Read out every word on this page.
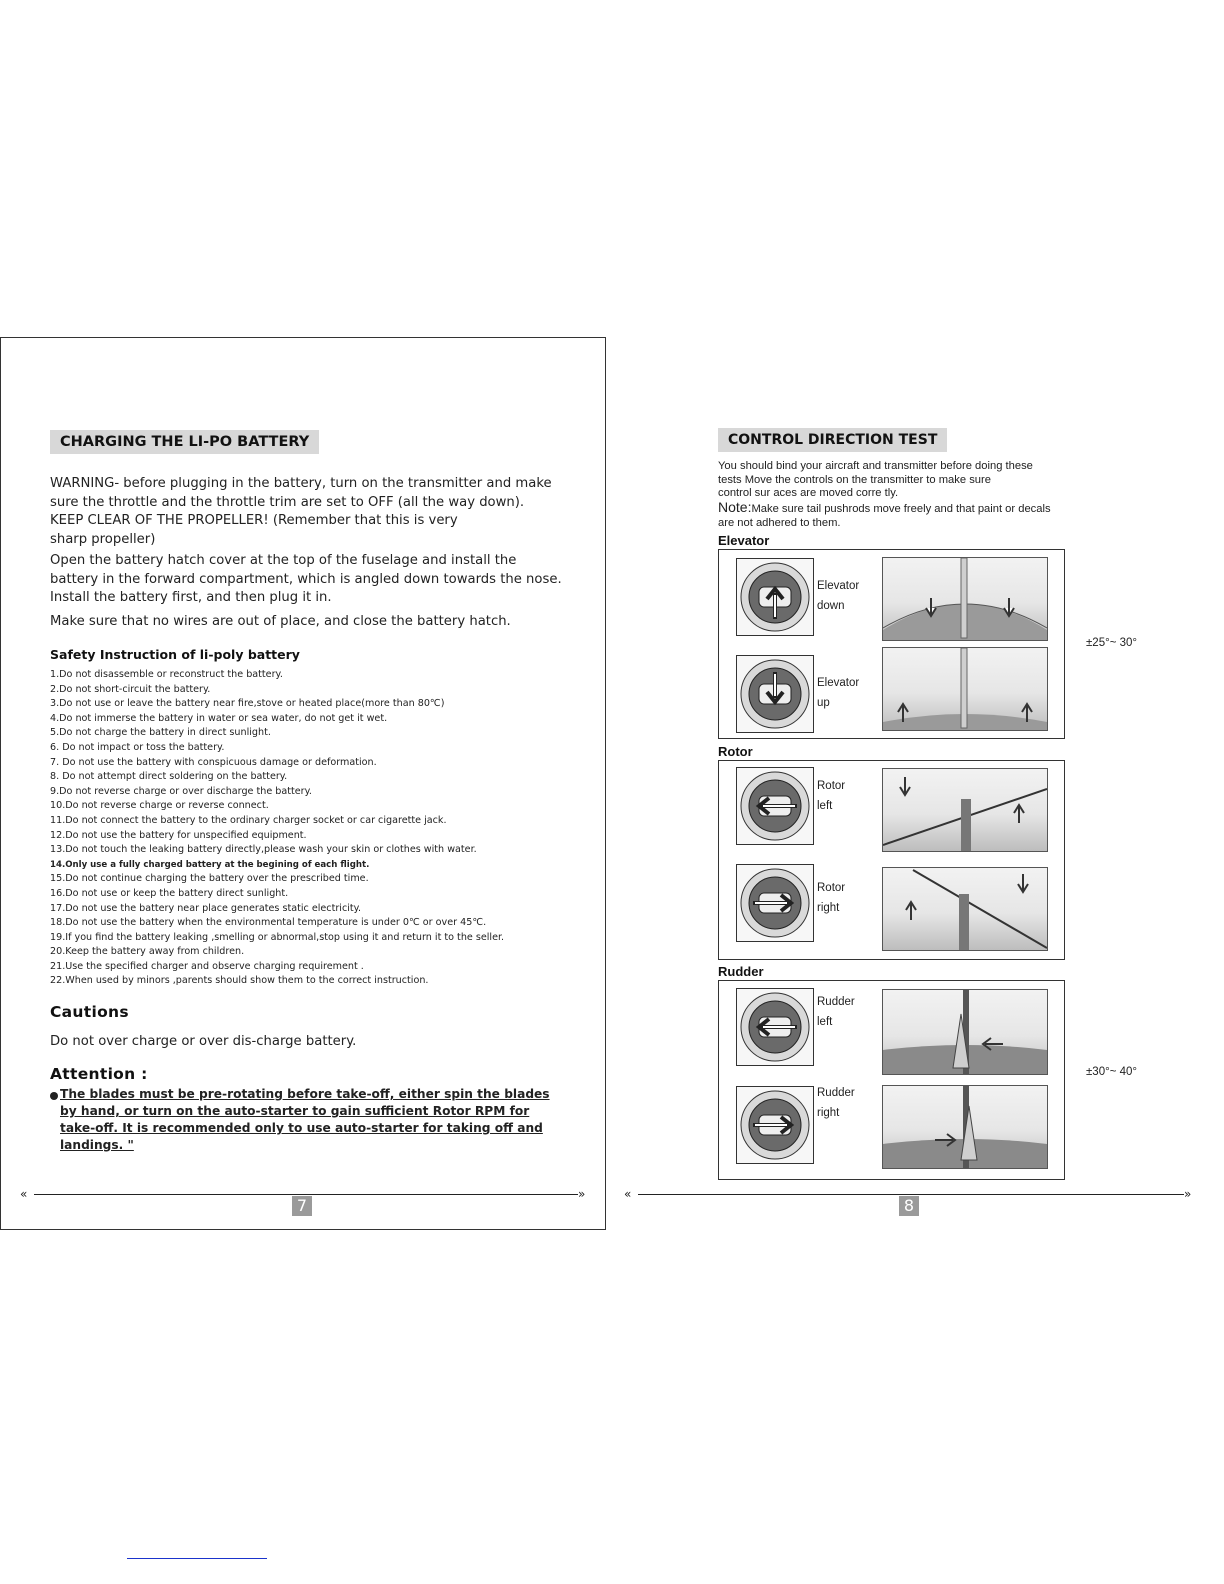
CHARGING THE LI-PO BATTERY
WARNING- before plugging in the battery, turn on the transmitter and make
sure the throttle and the throttle trim are set to OFF (all the way down).
KEEP CLEAR OF THE PROPELLER! (Remember that this is very
sharp propeller)
Open the battery hatch cover at the top of the fuselage and install the
battery in the forward compartment, which is angled down towards the nose.
Install the battery first, and then plug it in.
Make sure that no wires are out of place, and close the battery hatch.
Safety Instruction of li-poly battery
1.Do not disassemble or reconstruct the battery.
2.Do not short-circuit the battery.
3.Do not use or leave the battery near fire,stove or heated place(more than 80℃)
4.Do not immerse the battery in water or sea water, do not get it wet.
5.Do not charge the battery in direct sunlight.
6. Do not impact or toss the battery.
7. Do not use the battery with conspicuous damage or deformation.
8. Do not attempt direct soldering on the battery.
9.Do not reverse charge or over discharge the battery.
10.Do not reverse charge or reverse connect.
11.Do not connect the battery to the ordinary charger socket or car cigarette jack.
12.Do not use the battery for unspecified equipment.
13.Do not touch the leaking battery directly,please wash your skin or clothes with water.
14.Only use a fully charged battery at the begining of each flight.
15.Do not continue charging the battery over the prescribed time.
16.Do not use or keep the battery direct sunlight.
17.Do not use the battery near place generates static electricity.
18.Do not use the battery when the environmental temperature is under 0℃ or over 45℃.
19.If you find the battery leaking ,smelling or abnormal,stop using it and return it to the seller.
20.Keep the battery away from children.
21.Use the specified charger and observe charging requirement .
22.When used by minors ,parents should show them to the correct instruction.
Cautions
Do not over charge or over dis-charge battery.
Attention :
The blades must be pre-rotating before take-off, either spin the blades
by hand, or turn on the auto-starter to gain sufficient Rotor RPM for
take-off. It is recommended only to use auto-starter for taking off and
landings. "
«	»
7
CONTROL DIRECTION TEST
You should bind your aircraft and transmitter before doing these
tests Move the controls on the transmitter to make sure
control sur aces are moved corre tly.
Note:Make sure tail pushrods move freely and that paint or decals
are not adhered to them.
Elevator
Elevator
down
Elevator
up
±25°~ 30°
Rotor
Rotor
left
Rotor
right
Rudder
Rudder
left
Rudder
right
±30°~ 40°
«	»
8
